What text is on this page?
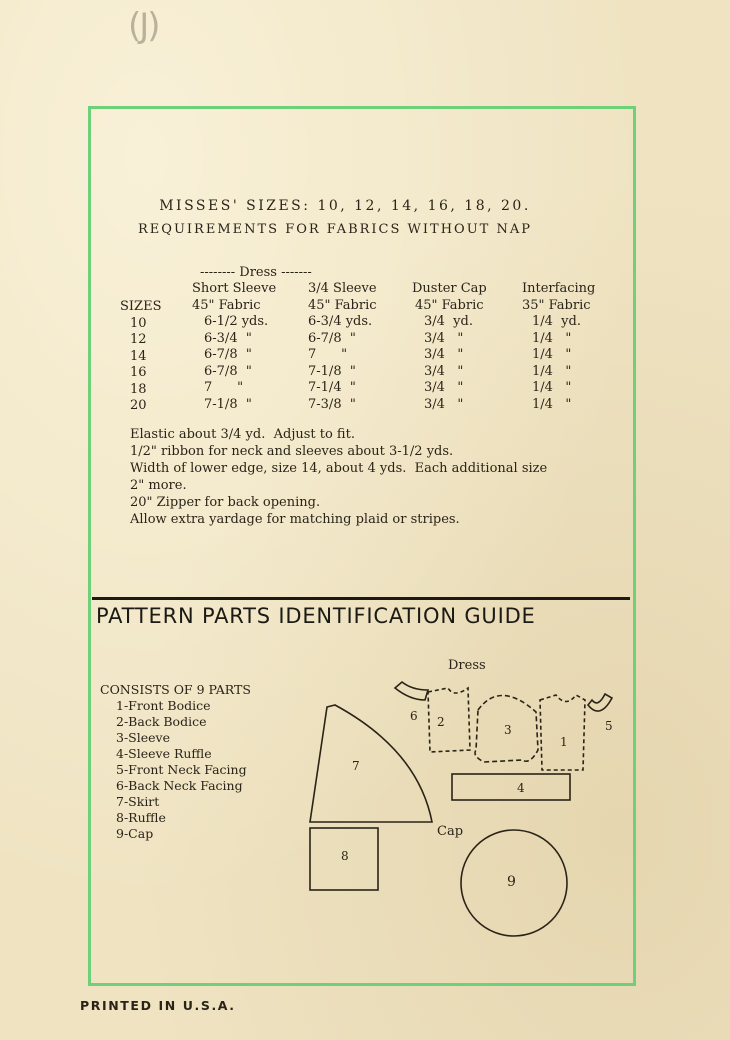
(J)
MISSES' SIZES: 10, 12, 14, 16, 18, 20.
REQUIREMENTS FOR FABRICS WITHOUT NAP
-------- Dress -------
SIZES
10
12
14
16
18
20
Short Sleeve
45" Fabric
6-1/2 yds.
6-3/4  "
6-7/8  "
6-7/8  "
7      "
7-1/8  "
3/4 Sleeve
45" Fabric
6-3/4 yds.
6-7/8  "
7      "
7-1/8  "
7-1/4  "
7-3/8  "
Duster Cap
45" Fabric
3/4  yd.
3/4   "
3/4   "
3/4   "
3/4   "
3/4   "
Interfacing
35" Fabric
1/4  yd.
1/4   "
1/4   "
1/4   "
1/4   "
1/4   "
Elastic about 3/4 yd.  Adjust to fit.
1/2" ribbon for neck and sleeves about 3-1/2 yds.
Width of lower edge, size 14, about 4 yds.  Each additional size
2" more.
20" Zipper for back opening.
Allow extra yardage for matching plaid or stripes.
PATTERN PARTS IDENTIFICATION GUIDE
CONSISTS OF 9 PARTS
1-Front Bodice
2-Back Bodice
3-Sleeve
4-Sleeve Ruffle
5-Front Neck Facing
6-Back Neck Facing
7-Skirt
8-Ruffle
9-Cap
Dress
Cap
7
8
2
6
3
1
5
4
9
PRINTED IN U.S.A.
